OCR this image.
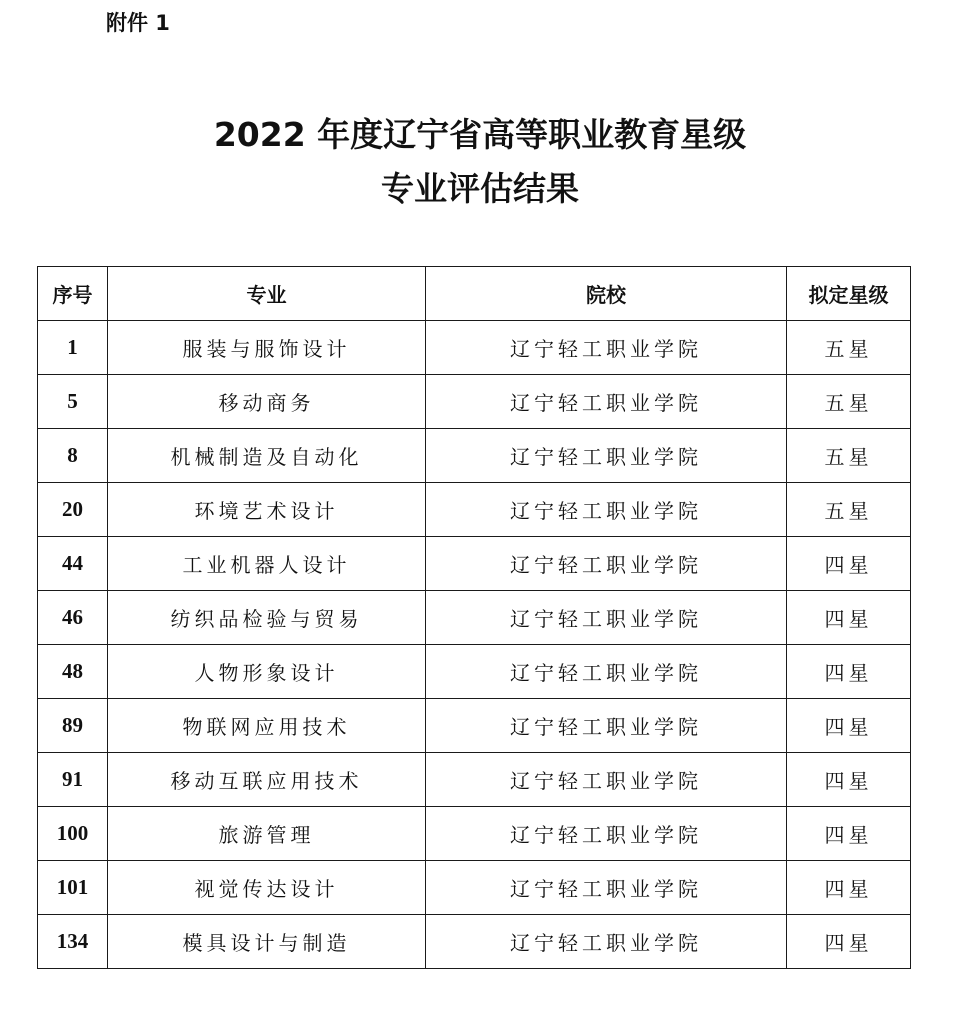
附件 1
2022 年度辽宁省高等职业教育星级
专业评估结果
序号	专业	院校	拟定星级
1	服装与服饰设计	辽宁轻工职业学院	五星
5	移动商务	辽宁轻工职业学院	五星
8	机械制造及自动化	辽宁轻工职业学院	五星
20	环境艺术设计	辽宁轻工职业学院	五星
44	工业机器人设计	辽宁轻工职业学院	四星
46	纺织品检验与贸易	辽宁轻工职业学院	四星
48	人物形象设计	辽宁轻工职业学院	四星
89	物联网应用技术	辽宁轻工职业学院	四星
91	移动互联应用技术	辽宁轻工职业学院	四星
100	旅游管理	辽宁轻工职业学院	四星
101	视觉传达设计	辽宁轻工职业学院	四星
134	模具设计与制造	辽宁轻工职业学院	四星
